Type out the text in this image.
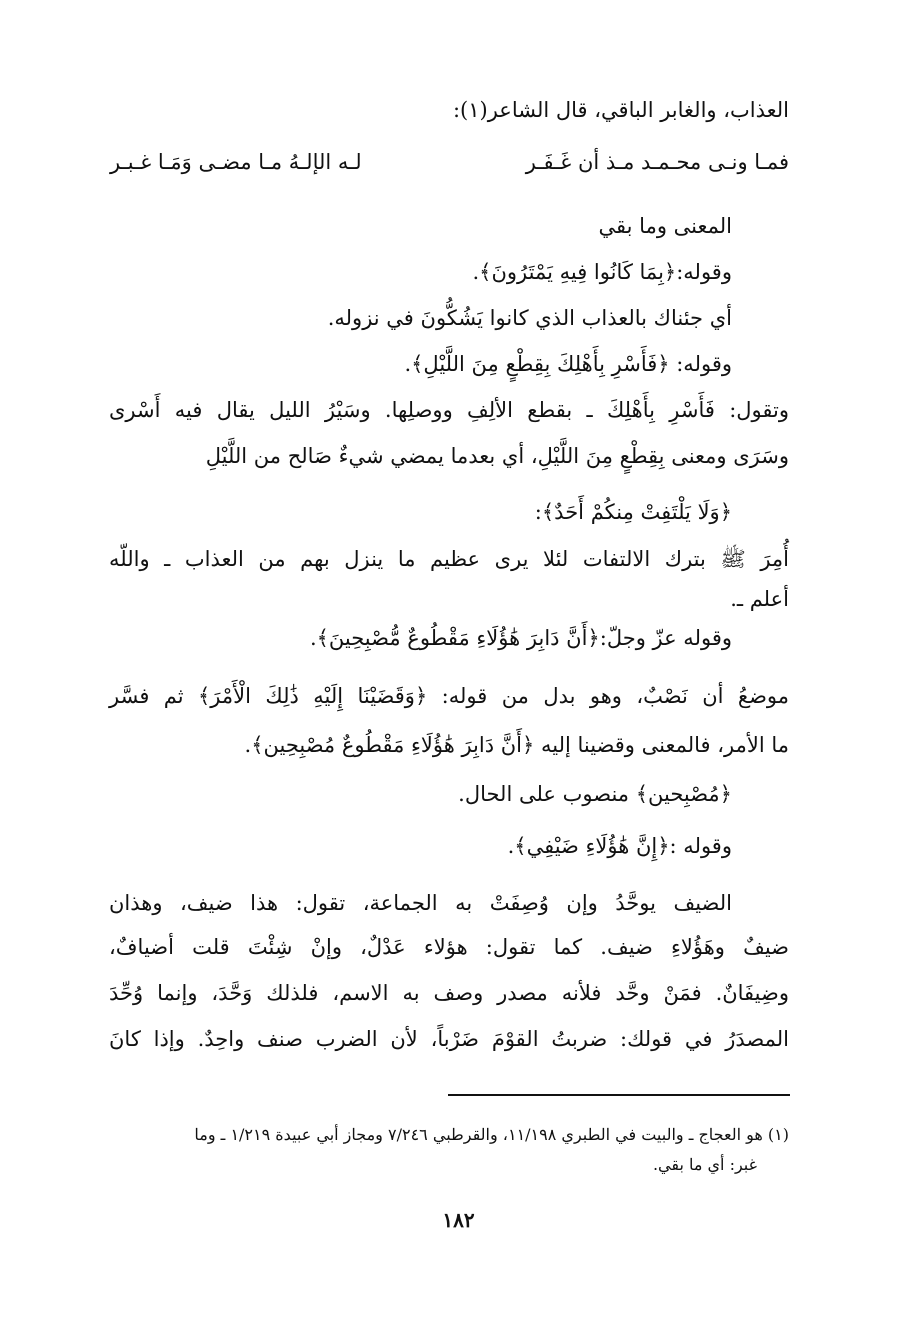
العذاب، والغابر الباقي، قال الشاعر(١):
فمـا ونـى محـمـد مـذ أن غَـفَـر
لـه الإلـهُ مـا مضـى وَمَـا غـبـر
المعنى وما بقي
وقوله:﴿بِمَا كَانُوا فِيهِ يَمْتَرُونَ﴾.
أي جئناك بالعذاب الذي كانوا يَشُكُّونَ في نزوله.
وقوله: ﴿فَأَسْرِ بِأَهْلِكَ بِقِطْعٍ مِنَ اللَّيْلِ﴾.
وتقول: فَأَسْرِ بِأَهْلِكَ ـ بقطع الألِفِ ووصلِها. وسَيْرُ الليل يقال فيه أَسْرى
وسَرَى ومعنى بِقِطْعٍ مِنَ اللَّيْلِ، أي بعدما يمضي شيءٌ صَالح من اللَّيْلِ
﴿وَلَا يَلْتَفِتْ مِنكُمْ أَحَدٌ﴾:
أُمِرَ ﷺ بترك الالتفات لئلا يرى عظيم ما ينزل بهم من العذاب ـ واللّه
أعلم ـ.
وقوله عزّ وجلّ:﴿أَنَّ دَابِرَ هَٰؤُلَاءِ مَقْطُوعٌ مُّصْبِحِينَ﴾.
موضعُ أن نَصْبٌ، وهو بدل من قوله: ﴿وَقَضَيْنَا إِلَيْهِ ذَٰلِكَ الْأَمْرَ﴾ ثم فسَّر
ما الأمر، فالمعنى وقضينا إليه ﴿أَنَّ دَابِرَ هَٰؤُلَاءِ مَقْطُوعٌ مُصْبِحِين﴾.
﴿مُصْبِحين﴾ منصوب على الحال.
وقوله :﴿إِنَّ هَٰؤُلَاءِ ضَيْفِي﴾.
الضيف يوحَّدُ وإن وُصِفَتْ به الجماعة، تقول: هذا ضيف، وهذان
ضيفٌ وهَؤُلاءِ ضيف. كما تقول: هؤلاء عَدْلٌ، وإنْ شِئْتَ قلت أضيافٌ،
وضِيفَانٌ. فمَنْ وحَّد فلأنه مصدر وصف به الاسم، فلذلك وَحَّدَ، وإنما وُحِّدَ
المصدَرُ في قولك: ضربتُ القوْمَ ضَرْباً، لأن الضرب صنف واحِدٌ. وإذا كانَ
(١) هو العجاج ـ والبيت في الطبري ١١/١٩٨، والقرطبي ٧/٢٤٦ ومجاز أبي عبيدة ١/٢١٩ ـ وما
غبر: أي ما بقي.
١٨٢
